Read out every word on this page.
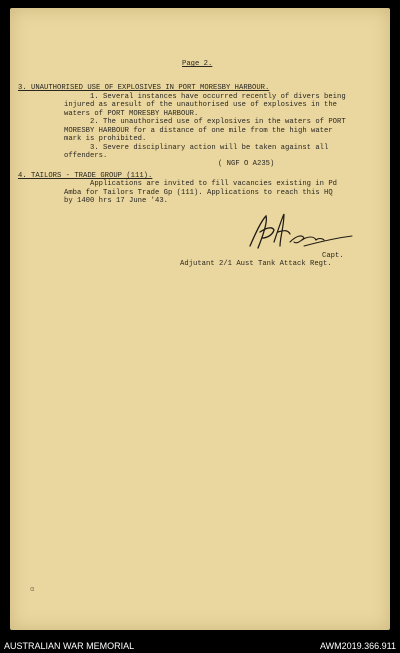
Page 2.
3. UNAUTHORISED USE OF EXPLOSIVES IN PORT MORESBY HARBOUR.
1. Several instances have occurred recently of divers being
injured as aresult of the unauthorised use of explosives in the
waters of PORT MORESBY HARBOUR.
2. The unauthorised use of explosives in the waters of PORT
MORESBY HARBOUR for a distance of one mile from the high water
mark is prohibited.
3. Severe disciplinary action will be taken against all
offenders.
( NGF O A235)
4. TAILORS - TRADE GROUP (111).
Applications are invited to fill vacancies existing in Pd
Amba for Tailors Trade Gp (111). Applications to reach this HQ
by 1400 hrs 17 June '43.
Capt.
Adjutant 2/1 Aust Tank Attack Regt.
α
AUSTRALIAN WAR MEMORIAL	AWM2019.366.911
